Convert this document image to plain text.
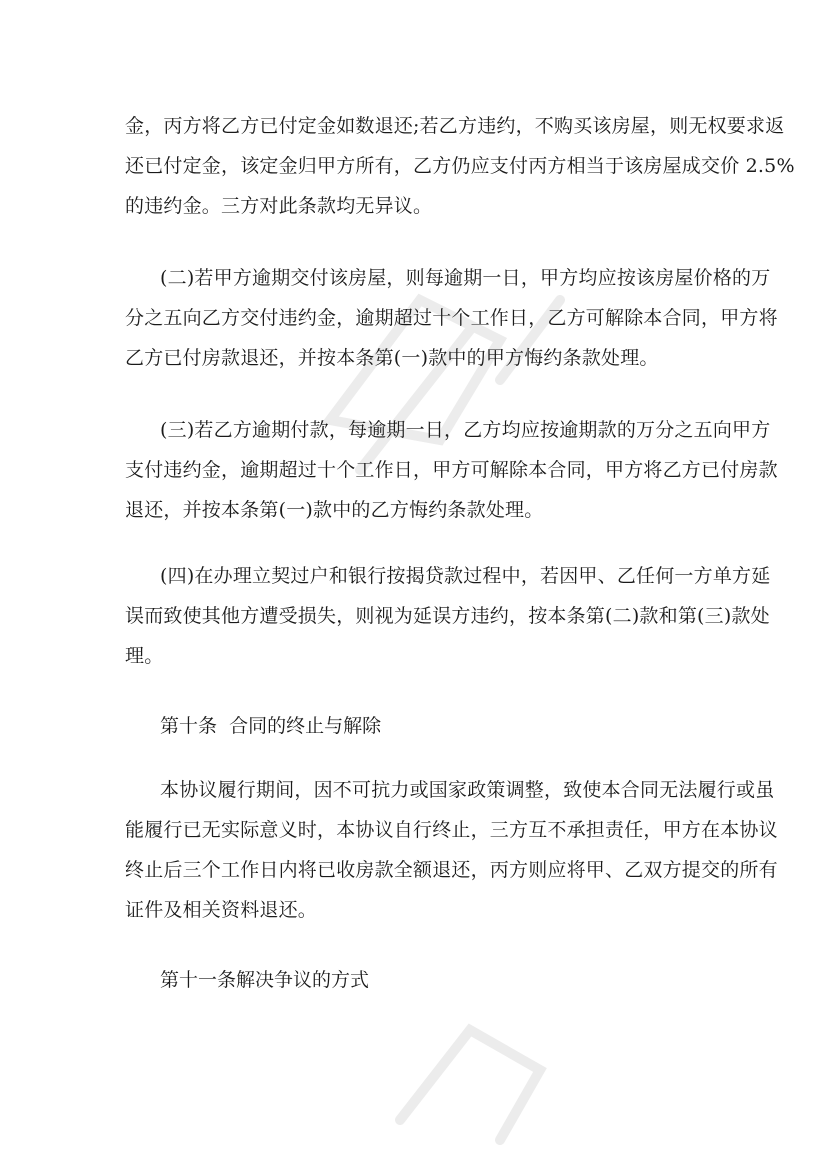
金，丙方将乙方已付定金如数退还;若乙方违约，不购买该房屋，则无权要求返
还已付定金，该定金归甲方所有，乙方仍应支付丙方相当于该房屋成交价 2.5%
的违约金。三方对此条款均无异议。

(二)若甲方逾期交付该房屋，则每逾期一日，甲方均应按该房屋价格的万
分之五向乙方交付违约金，逾期超过十个工作日，乙方可解除本合同，甲方将
乙方已付房款退还，并按本条第(一)款中的甲方悔约条款处理。

(三)若乙方逾期付款，每逾期一日，乙方均应按逾期款的万分之五向甲方
支付违约金，逾期超过十个工作日，甲方可解除本合同，甲方将乙方已付房款
退还，并按本条第(一)款中的乙方悔约条款处理。

(四)在办理立契过户和银行按揭贷款过程中，若因甲、乙任何一方单方延
误而致使其他方遭受损失，则视为延误方违约，按本条第(二)款和第(三)款处
理。

第十条  合同的终止与解除

本协议履行期间，因不可抗力或国家政策调整，致使本合同无法履行或虽
能履行已无实际意义时，本协议自行终止，三方互不承担责任，甲方在本协议
终止后三个工作日内将已收房款全额退还，丙方则应将甲、乙双方提交的所有
证件及相关资料退还。

第十一条解决争议的方式
